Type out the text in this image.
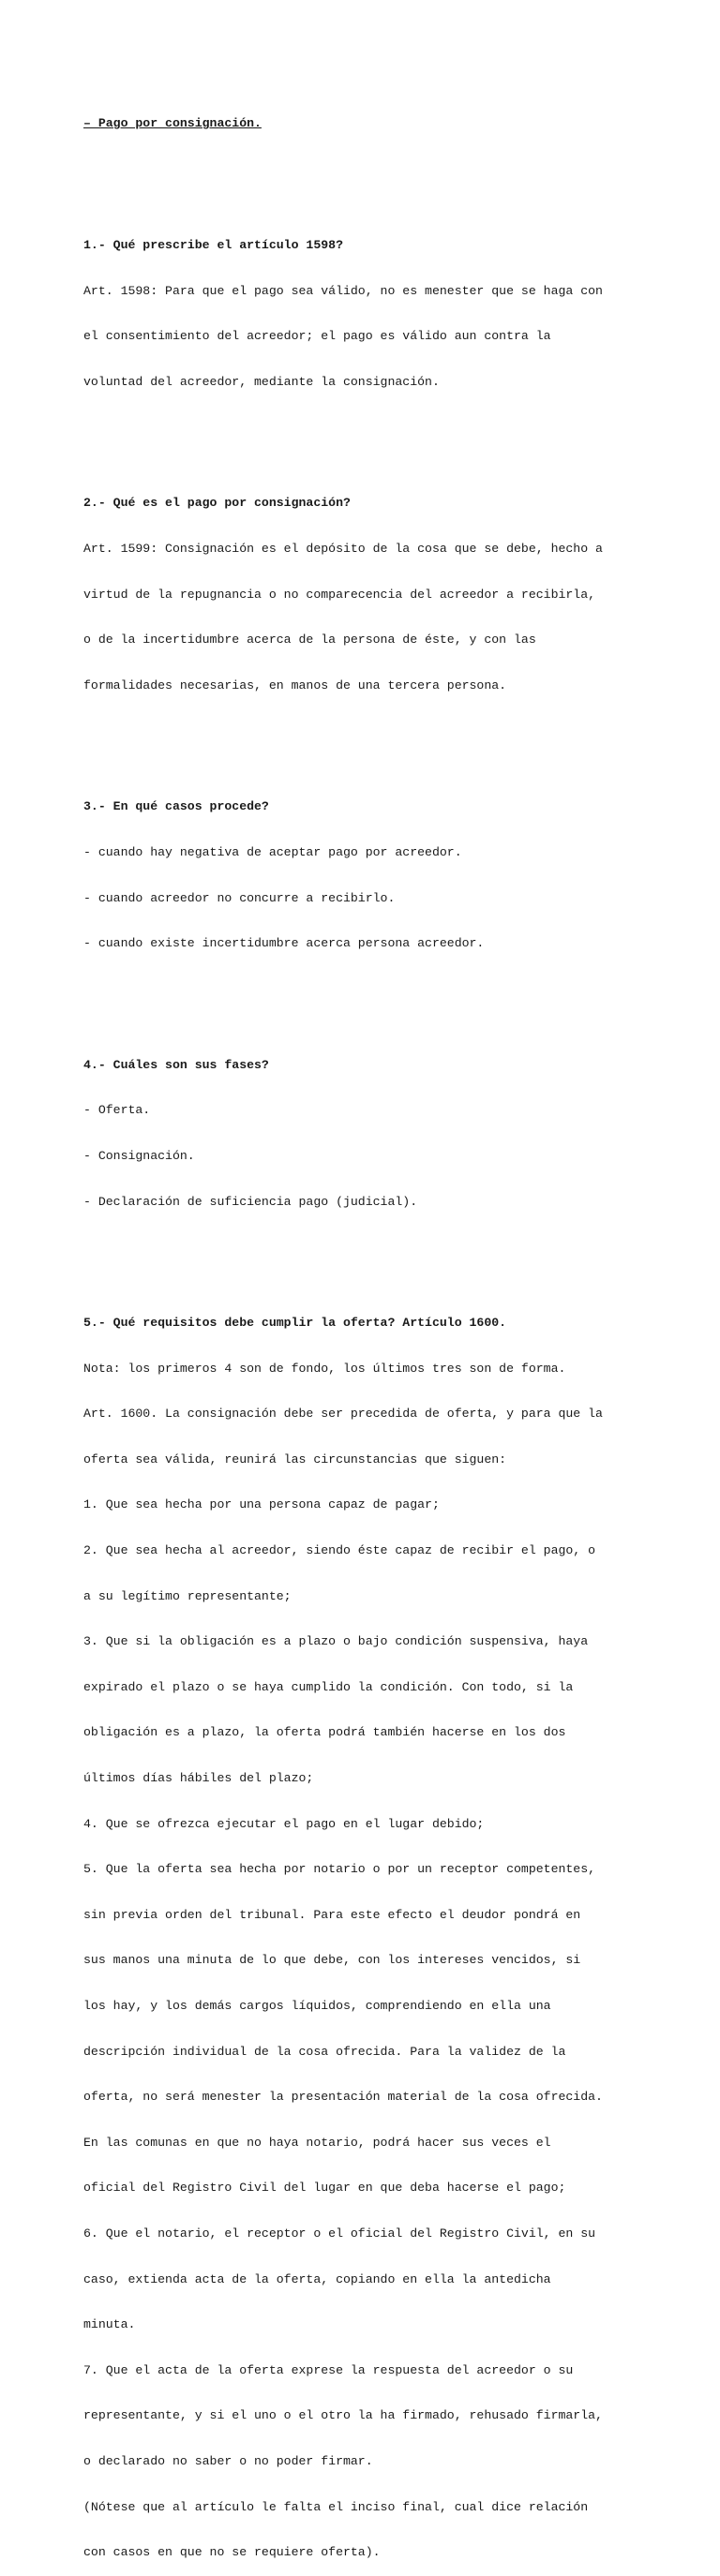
– Pago por consignación.

1.- Qué prescribe el artículo 1598?

Art. 1598: Para que el pago sea válido, no es menester que se haga con

el consentimiento del acreedor; el pago es válido aun contra la

voluntad del acreedor, mediante la consignación.

2.- Qué es el pago por consignación?

Art. 1599: Consignación es el depósito de la cosa que se debe, hecho a

virtud de la repugnancia o no comparecencia del acreedor a recibirla,

o de la incertidumbre acerca de la persona de éste, y con las

formalidades necesarias, en manos de una tercera persona.

3.- En qué casos procede?

- cuando hay negativa de aceptar pago por acreedor.

- cuando acreedor no concurre a recibirlo.

- cuando existe incertidumbre acerca persona acreedor.

4.- Cuáles son sus fases?

- Oferta.

- Consignación.

- Declaración de suficiencia pago (judicial).

5.- Qué requisitos debe cumplir la oferta? Artículo 1600.

Nota: los primeros 4 son de fondo, los últimos tres son de forma.

Art. 1600. La consignación debe ser precedida de oferta, y para que la

oferta sea válida, reunirá las circunstancias que siguen:

1. Que sea hecha por una persona capaz de pagar;

2. Que sea hecha al acreedor, siendo éste capaz de recibir el pago, o

a su legítimo representante;

3. Que si la obligación es a plazo o bajo condición suspensiva, haya

expirado el plazo o se haya cumplido la condición. Con todo, si la

obligación es a plazo, la oferta podrá también hacerse en los dos

últimos días hábiles del plazo;

4. Que se ofrezca ejecutar el pago en el lugar debido;

5. Que la oferta sea hecha por notario o por un receptor competentes,

sin previa orden del tribunal. Para este efecto el deudor pondrá en

sus manos una minuta de lo que debe, con los intereses vencidos, si

los hay, y los demás cargos líquidos, comprendiendo en ella una

descripción individual de la cosa ofrecida. Para la validez de la

oferta, no será menester la presentación material de la cosa ofrecida.

En las comunas en que no haya notario, podrá hacer sus veces el

oficial del Registro Civil del lugar en que deba hacerse el pago;

6. Que el notario, el receptor o el oficial del Registro Civil, en su

caso, extienda acta de la oferta, copiando en ella la antedicha

minuta.

7. Que el acta de la oferta exprese la respuesta del acreedor o su

representante, y si el uno o el otro la ha firmado, rehusado firmarla,

o declarado no saber o no poder firmar.

(Nótese que al artículo le falta el inciso final, cual dice relación

con casos en que no se requiere oferta).
